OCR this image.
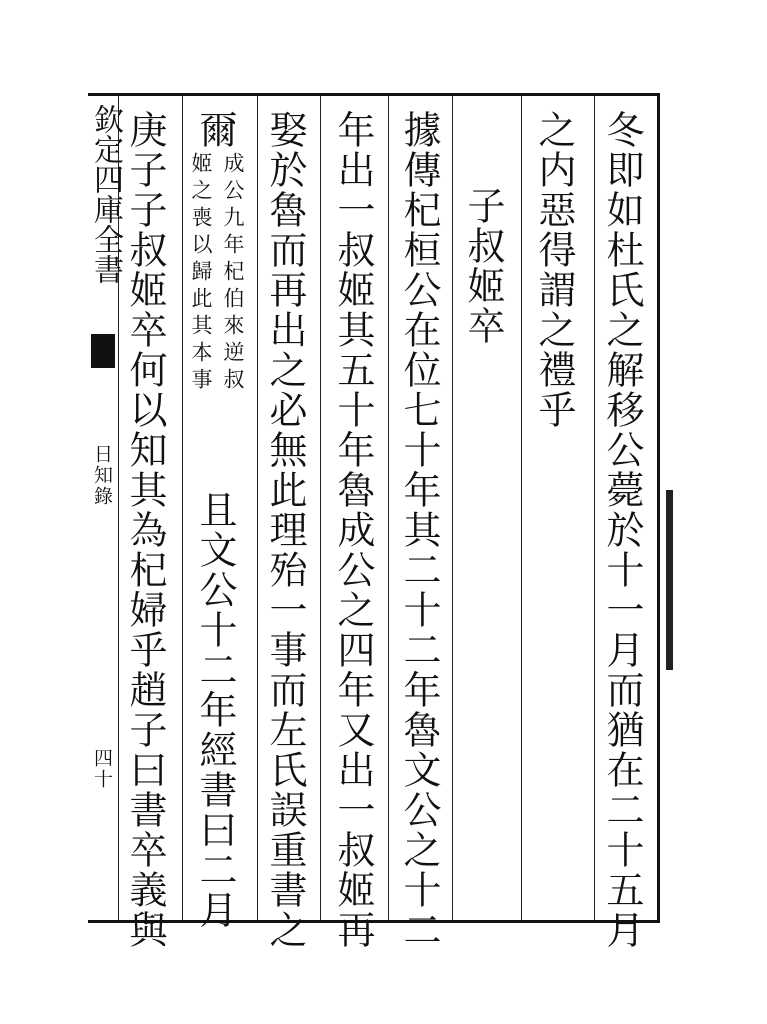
欽定四庫全書
日知錄
四十	冬即如杜氏之解移公薨於十一月而猶在二十五月
之内惡得謂之禮乎
子叔姬卒
據傳杞桓公在位七十年其二十二年魯文公之十二
年出一叔姬其五十年魯成公之四年又出一叔姬再
娶於魯而再出之必無此理殆一事而左氏誤重書之
爾
成公九年杞伯來逆叔
姬之喪以歸此其本事
且文公十二年經書曰二月
庚子子叔姬卒何以知其為杞婦乎趙子曰書卒義與
